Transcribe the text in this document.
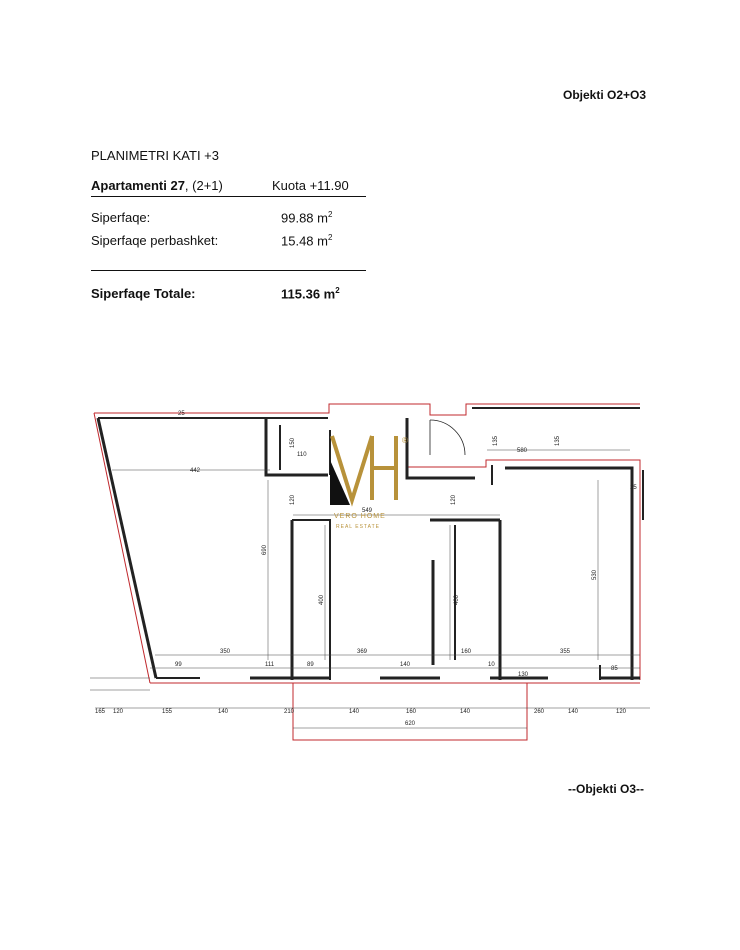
Objekti O2+O3
PLANIMETRI KATI +3
Apartamenti 27, (2+1)	Kuota +11.90
Siperfaqe:	99.88 $m^2$
Siperfaqe perbashket:	15.48 $m^2$
Siperfaqe Totale:	115.36 $m^2$
442
25
150
110
120
549
120
580
135	135
25
690
400	400
530
350	369	160	355
99	111	89	140	10
130
85
165 120	155	140	210	140	160	140	260	140	120
620
®
VERO HOME
REAL ESTATE
--Objekti O3--
